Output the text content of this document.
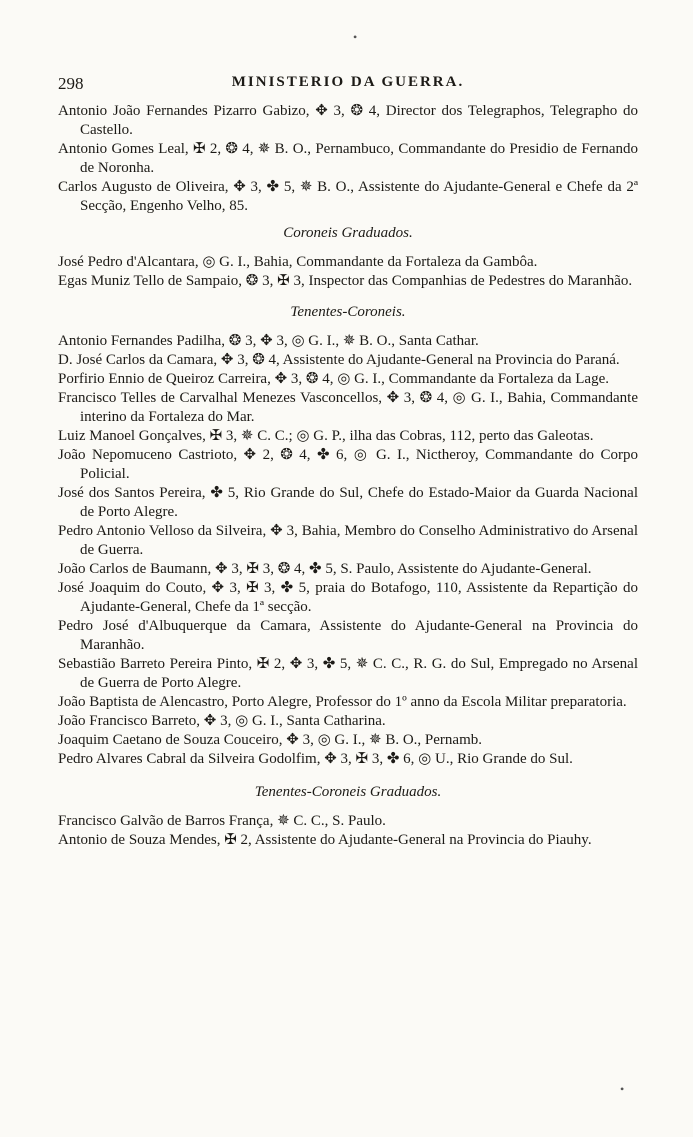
•
298	MINISTERIO DA GUERRA.

Antonio João Fernandes Pizarro Gabizo, ✥ 3, ❂ 4, Director dos Telegraphos, Telegrapho do Castello.

Antonio Gomes Leal, ✠ 2, ❂ 4, ✵ B. O., Pernambuco, Commandante do Presidio de Fernando de Noronha.

Carlos Augusto de Oliveira, ✥ 3, ✤ 5, ✵ B. O., Assistente do Ajudante-General e Chefe da 2ª Secção, Engenho Velho, 85.

Coroneis Graduados.

José Pedro d'Alcantara, ◎ G. I., Bahia, Commandante da Fortaleza da Gambôa.

Egas Muniz Tello de Sampaio, ❂ 3, ✠ 3, Inspector das Companhias de Pedestres do Maranhão.

Tenentes-Coroneis.

Antonio Fernandes Padilha, ❂ 3, ✥ 3, ◎ G. I., ✵ B. O., Santa Cathar.

D. José Carlos da Camara, ✥ 3, ❂ 4, Assistente do Ajudante-General na Provincia do Paraná.

Porfirio Ennio de Queiroz Carreira, ✥ 3, ❂ 4, ◎ G. I., Commandante da Fortaleza da Lage.

Francisco Telles de Carvalhal Menezes Vasconcellos, ✥ 3, ❂ 4, ◎ G. I., Bahia, Commandante interino da Fortaleza do Mar.

Luiz Manoel Gonçalves, ✠ 3, ✵ C. C.; ◎ G. P., ilha das Cobras, 112, perto das Galeotas.

João Nepomuceno Castrioto, ✥ 2, ❂ 4, ✤ 6, ◎ G. I., Nictheroy, Commandante do Corpo Policial.

José dos Santos Pereira, ✤ 5, Rio Grande do Sul, Chefe do Estado-Maior da Guarda Nacional de Porto Alegre.

Pedro Antonio Velloso da Silveira, ✥ 3, Bahia, Membro do Conselho Administrativo do Arsenal de Guerra.

João Carlos de Baumann, ✥ 3, ✠ 3, ❂ 4, ✤ 5, S. Paulo, Assistente do Ajudante-General.

José Joaquim do Couto, ✥ 3, ✠ 3, ✤ 5, praia do Botafogo, 110, Assistente da Repartição do Ajudante-General, Chefe da 1ª secção.

Pedro José d'Albuquerque da Camara, Assistente do Ajudante-General na Provincia do Maranhão.

Sebastião Barreto Pereira Pinto, ✠ 2, ✥ 3, ✤ 5, ✵ C. C., R. G. do Sul, Empregado no Arsenal de Guerra de Porto Alegre.

João Baptista de Alencastro, Porto Alegre, Professor do 1º anno da Escola Militar preparatoria.

João Francisco Barreto, ✥ 3, ◎ G. I., Santa Catharina.

Joaquim Caetano de Souza Couceiro, ✥ 3, ◎ G. I., ✵ B. O., Pernamb.

Pedro Alvares Cabral da Silveira Godolfim, ✥ 3, ✠ 3, ✤ 6, ◎ U., Rio Grande do Sul.

Tenentes-Coroneis Graduados.

Francisco Galvão de Barros França, ✵ C. C., S. Paulo.

Antonio de Souza Mendes, ✠ 2, Assistente do Ajudante-General na Provincia do Piauhy.

•
